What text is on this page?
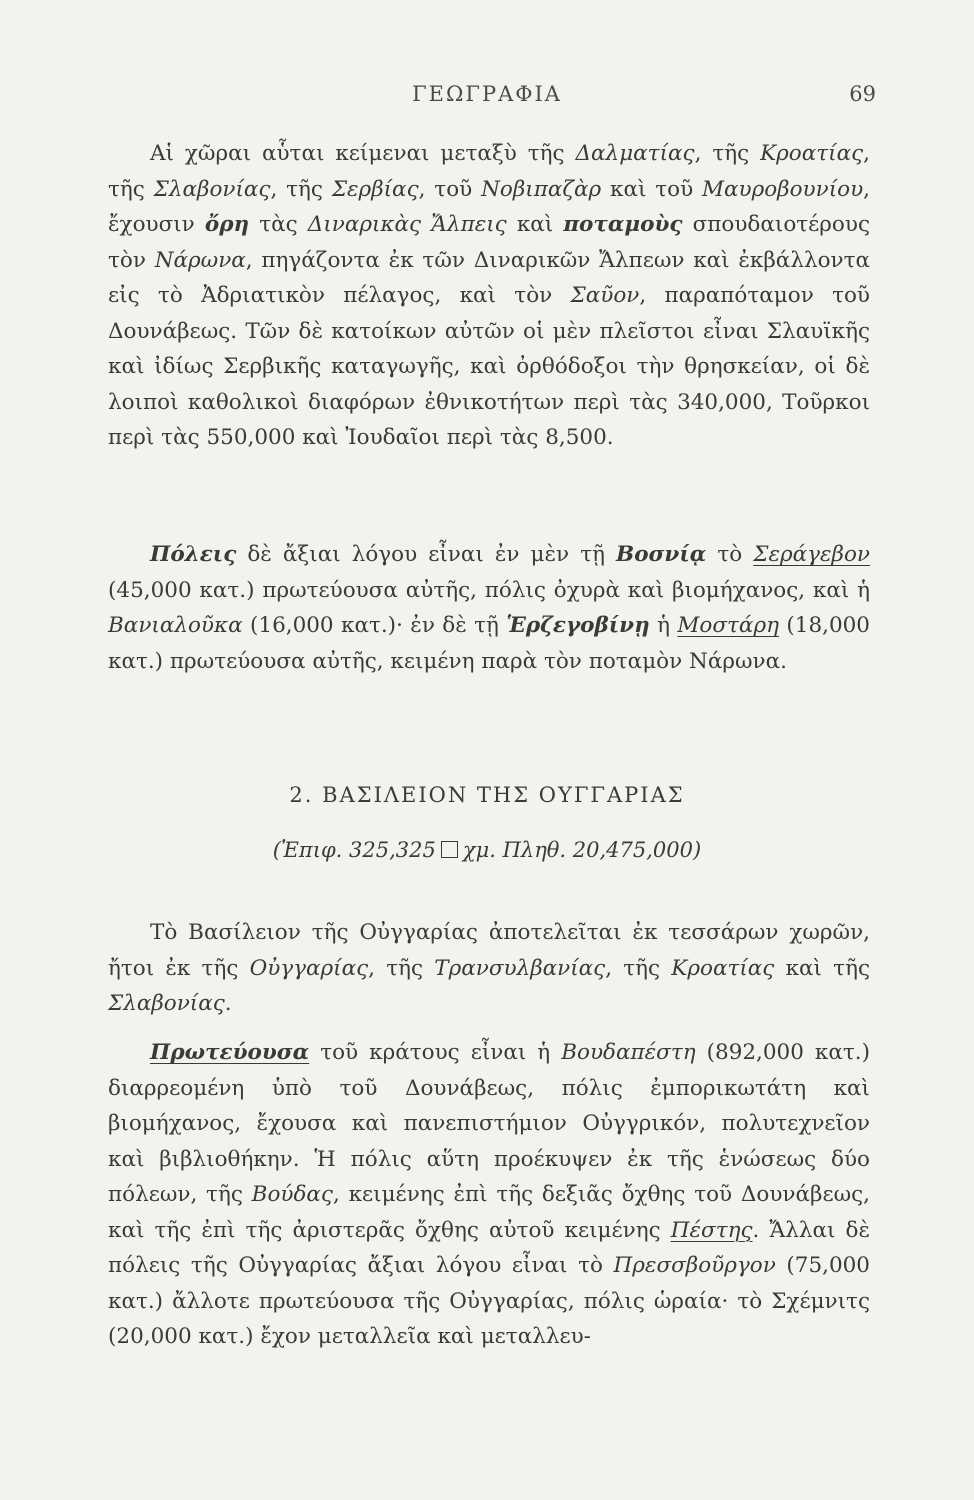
ΓΕΩΓΡΑΦΙΑ	69

Αἱ χῶραι αὗται κείμεναι μεταξὺ τῆς Δαλματίας, τῆς Κροατίας, τῆς Σλαβονίας, τῆς Σερβίας, τοῦ Νοβιπαζὰρ καὶ τοῦ Μαυροβουνίου, ἔχουσιν ὄρη τὰς Διναρικὰς Ἄλπεις καὶ ποταμοὺς σπουδαιοτέρους τὸν Νάρωνα, πηγάζοντα ἐκ τῶν Διναρικῶν Ἄλπεων καὶ ἐκβάλλοντα εἰς τὸ Ἀδριατικὸν πέλαγος, καὶ τὸν Σαῦον, παραπόταμον τοῦ Δουνάβεως. Τῶν δὲ κατοίκων αὐτῶν οἱ μὲν πλεῖστοι εἶναι Σλαυϊκῆς καὶ ἰδίως Σερβικῆς καταγωγῆς, καὶ ὀρθόδοξοι τὴν θρησκείαν, οἱ δὲ λοιποὶ καθολικοὶ διαφόρων ἐθνικοτήτων περὶ τὰς 340,000, Τοῦρκοι περὶ τὰς 550,000 καὶ Ἰουδαῖοι περὶ τὰς 8,500.

Πόλεις δὲ ἄξιαι λόγου εἶναι ἐν μὲν τῇ Βοσνίᾳ τὸ Σεράγεβον (45,000 κατ.) πρωτεύουσα αὐτῆς, πόλις ὀχυρὰ καὶ βιομήχανος, καὶ ἡ Βανιαλοῦκα (16,000 κατ.)· ἐν δὲ τῇ Ἑρζεγοβίνῃ ἡ Μοστάρη (18,000 κατ.) πρωτεύουσα αὐτῆς, κειμένη παρὰ τὸν ποταμὸν Νάρωνα.

2. ΒΑΣΙΛΕΙΟΝ ΤΗΣ ΟΥΓΓΑΡΙΑΣ
(Ἐπιφ. 325,325 χμ. Πληθ. 20,475,000)

Τὸ Βασίλειον τῆς Οὐγγαρίας ἀποτελεῖται ἐκ τεσσάρων χωρῶν, ἤτοι ἐκ τῆς Οὐγγαρίας, τῆς Τρανσυλβανίας, τῆς Κροατίας καὶ τῆς Σλαβονίας.

Πρωτεύουσα τοῦ κράτους εἶναι ἡ Βουδαπέστη (892,000 κατ.) διαρρεομένη ὑπὸ τοῦ Δουνάβεως, πόλις ἐμπορικωτάτη καὶ βιομήχανος, ἔχουσα καὶ πανεπιστήμιον Οὐγγρικόν, πολυτεχνεῖον καὶ βιβλιοθήκην. Ἡ πόλις αὕτη προέκυψεν ἐκ τῆς ἑνώσεως δύο πόλεων, τῆς Βούδας, κειμένης ἐπὶ τῆς δεξιᾶς ὄχθης τοῦ Δουνάβεως, καὶ τῆς ἐπὶ τῆς ἀριστερᾶς ὄχθης αὐτοῦ κειμένης Πέστης. Ἄλλαι δὲ πόλεις τῆς Οὐγγαρίας ἄξιαι λόγου εἶναι τὸ Πρεσσβοῦργον (75,000 κατ.) ἄλλοτε πρωτεύουσα τῆς Οὐγγαρίας, πόλις ὡραία· τὸ Σχέμνιτς (20,000 κατ.) ἔχον μεταλλεῖα καὶ μεταλλευ-
